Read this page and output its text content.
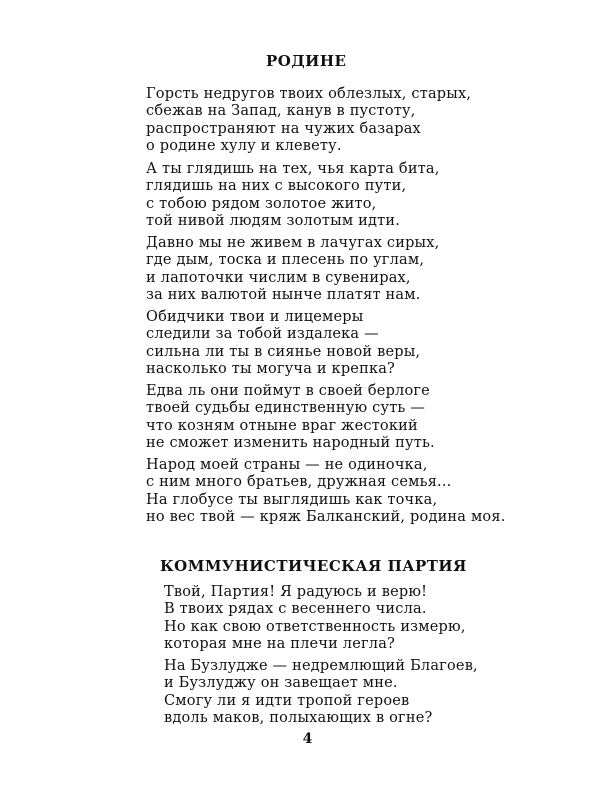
РОДИНЕ
Горсть недругов твоих облезлых, старых,
сбежав на Запад, канув в пустоту,
распространяют на чужих базарах
о родине хулу и клевету.
А ты глядишь на тех, чья карта бита,
глядишь на них с высокого пути,
с тобою рядом золотое жито,
той нивой людям золотым идти.
Давно мы не живем в лачугах сирых,
где дым, тоска и плесень по углам,
и лапоточки числим в сувенирах,
за них валютой нынче платят нам.
Обидчики твои и лицемеры
следили за тобой издалека —
сильна ли ты в сиянье новой веры,
насколько ты могуча и крепка?
Едва ль они поймут в своей берлоге
твоей судьбы единственную суть —
что козням отныне враг жестокий
не сможет изменить народный путь.
Народ моей страны — не одиночка,
с ним много братьев, дружная семья...
На глобусе ты выглядишь как точка,
но вес твой — кряж Балканский, родина моя.
КОММУНИСТИЧЕСКАЯ ПАРТИЯ
Твой, Партия! Я радуюсь и верю!
В твоих рядах с весеннего числа.
Но как свою ответственность измерю,
которая мне на плечи легла?
На Бузлудже — недремлющий Благоев,
и Бузлуджу он завещает мне.
Смогу ли я идти тропой героев
вдоль маков, полыхающих в огне?
4
